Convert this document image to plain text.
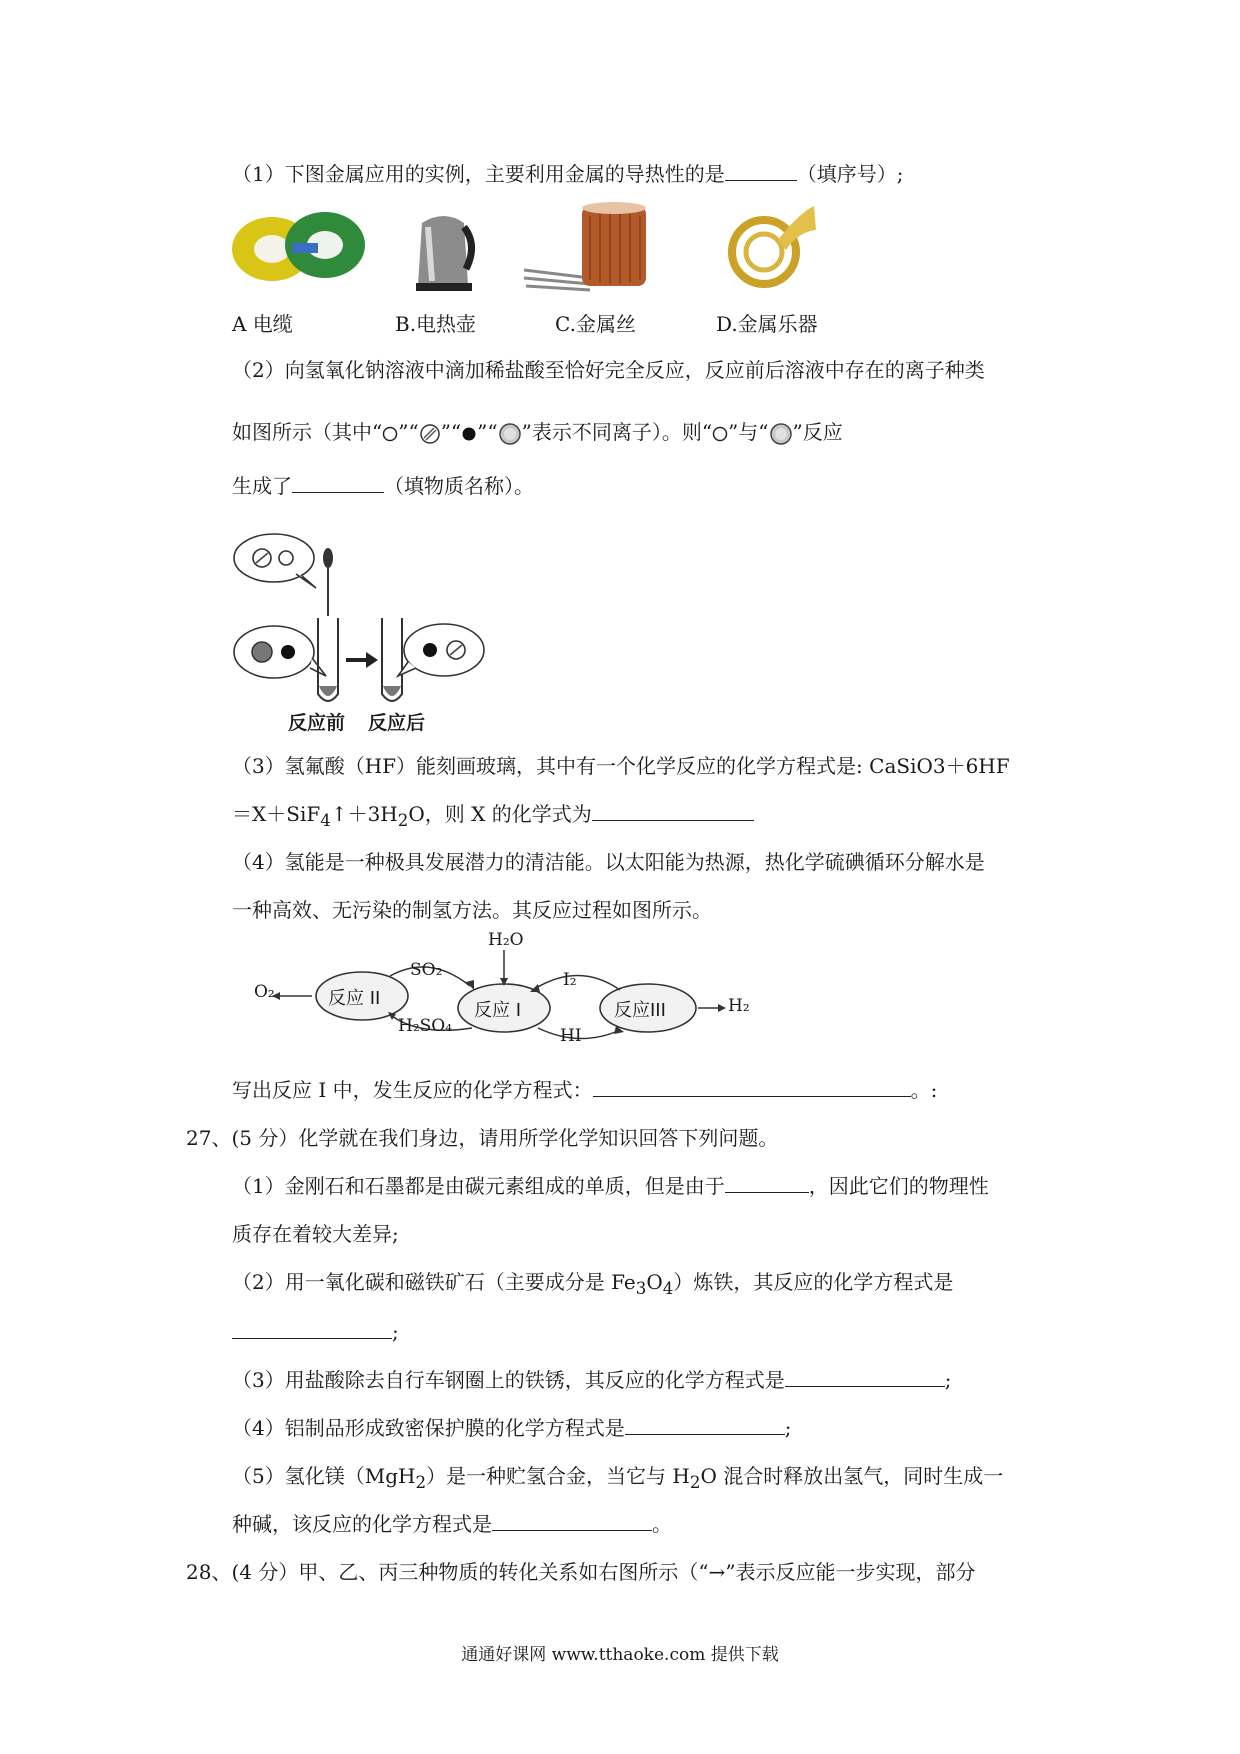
（1）下图金属应用的实例，主要利用金属的导热性的是	（填序号）;
A 电缆	B.电热壶	C.金属丝	D.金属乐器
（2）向氢氧化钠溶液中滴加稀盐酸至恰好完全反应，反应前后溶液中存在的离子种类
如图所示（其中“ ”“ ”“ ”“ ”表示不同离子）。则“ ”与“ ”反应
生成了	（填物质名称）。
反应前 反应后
（3）氢氟酸（HF）能刻画玻璃，其中有一个化学反应的化学方程式是: CaSiO3＋6HF
$=X+SiF_4↑+3H_2O$，则 X 的化学式为
（4）氢能是一种极具发展潜力的清洁能。以太阳能为热源，热化学硫碘循环分解水是
一种高效、无污染的制氢方法。其反应过程如图所示。
O₂
H₂O
SO₂
H₂SO₄
I₂
HI
H₂
反应 II
反应 I	反应III
写出反应 I 中，发生反应的化学方程式：	。:
27、(5 分）化学就在我们身边，请用所学化学知识回答下列问题。
（1）金刚石和石墨都是由碳元素组成的单质，但是由于	，因此它们的物理性
质存在着较大差异;
（2）用一氧化碳和磁铁矿石（主要成分是 $Fe_3O_4$）炼铁，其反应的化学方程式是
;
（3）用盐酸除去自行车钢圈上的铁锈，其反应的化学方程式是	;
（4）铝制品形成致密保护膜的化学方程式是	;
（5）氢化镁（MgH$_2$）是一种贮氢合金，当它与 $H_2O$ 混合时释放出氢气，同时生成一
种碱，该反应的化学方程式是	。
28、(4 分）甲、乙、丙三种物质的转化关系如右图所示（“→”表示反应能一步实现，部分
通通好课网 www.tthaoke.com 提供下载
